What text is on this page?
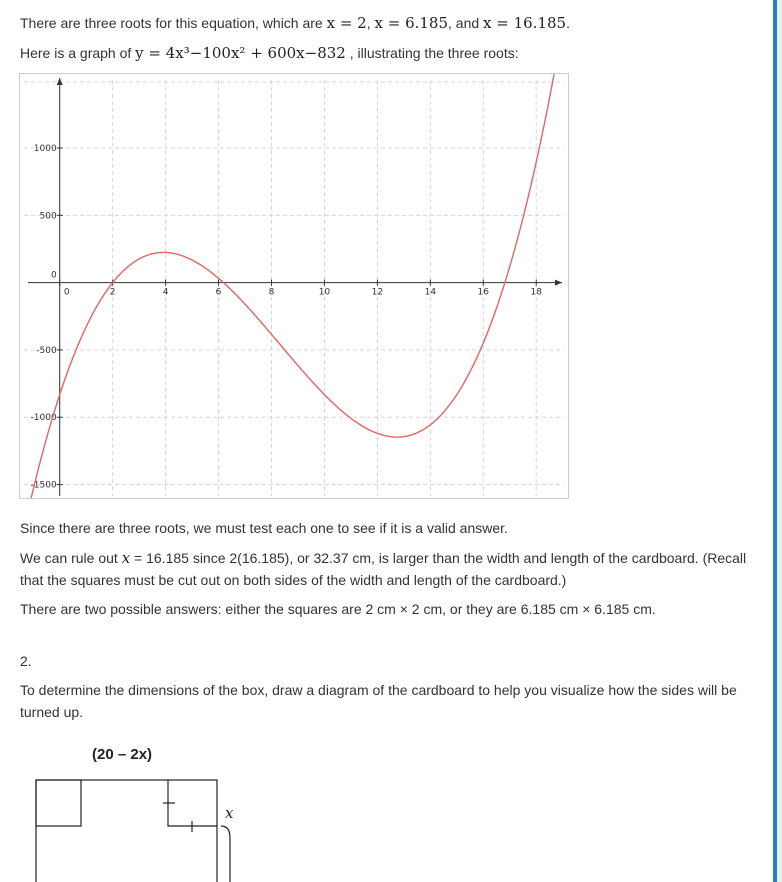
There are three roots for this equation, which are x = 2, x = 6.185, and x = 16.185.

Here is a graph of y = 4x³−100x² + 600x−832 , illustrating the three roots:

0	2	4	6	8	10	12	14	16	18
1000
500
0
-500
-1000
-1500

Since there are three roots, we must test each one to see if it is a valid answer.

We can rule out x = 16.185 since 2(16.185), or 32.37 cm, is larger than the width and length of the cardboard. (Recall that the squares must be cut out on both sides of the width and length of the cardboard.)

There are two possible answers: either the squares are 2 cm × 2 cm, or they are 6.185 cm × 6.185 cm.

2.

To determine the dimensions of the box, draw a diagram of the cardboard to help you visualize how the sides will be turned up.

(20 – 2x)
x
